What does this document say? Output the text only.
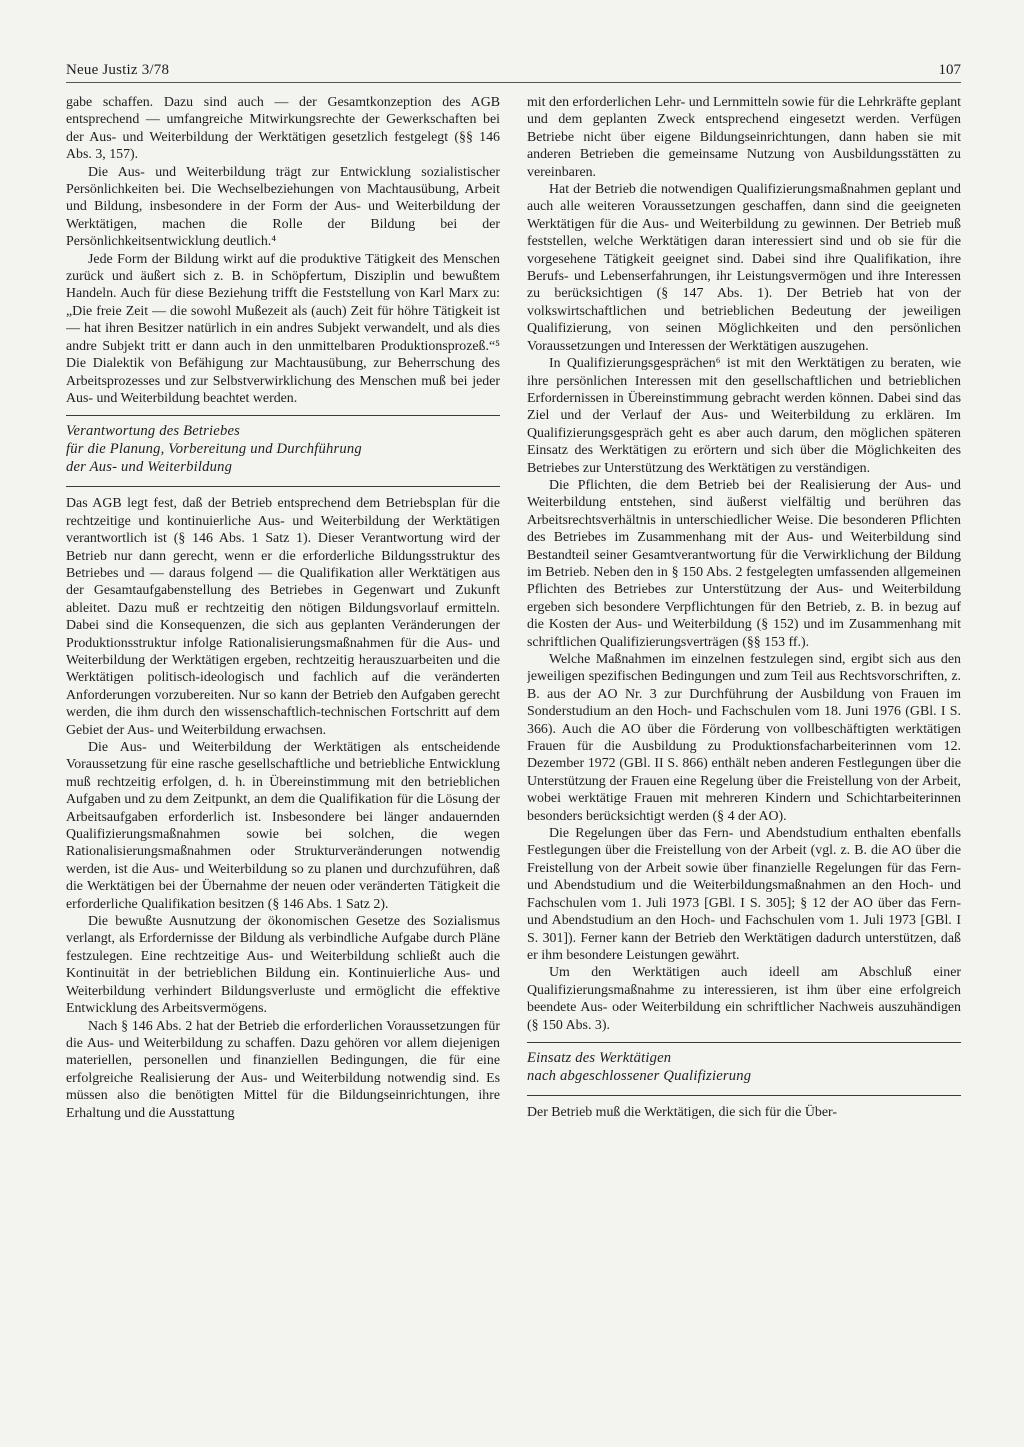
Neue Justiz 3/78	107

gabe schaffen. Dazu sind auch — der Gesamtkonzeption des AGB entsprechend — umfangreiche Mitwirkungsrechte der Gewerkschaften bei der Aus- und Weiterbildung der Werktätigen gesetzlich festgelegt (§§ 146 Abs. 3, 157).

Die Aus- und Weiterbildung trägt zur Entwicklung sozialistischer Persönlichkeiten bei. Die Wechselbeziehungen von Machtausübung, Arbeit und Bildung, insbesondere in der Form der Aus- und Weiterbildung der Werktätigen, machen die Rolle der Bildung bei der Persönlichkeitsentwicklung deutlich.⁴

Jede Form der Bildung wirkt auf die produktive Tätigkeit des Menschen zurück und äußert sich z. B. in Schöpfertum, Disziplin und bewußtem Handeln. Auch für diese Beziehung trifft die Feststellung von Karl Marx zu: „Die freie Zeit — die sowohl Mußezeit als (auch) Zeit für höhre Tätigkeit ist — hat ihren Besitzer natürlich in ein andres Subjekt verwandelt, und als dies andre Subjekt tritt er dann auch in den unmittelbaren Produktionsprozeß.“⁵ Die Dialektik von Befähigung zur Machtausübung, zur Beherrschung des Arbeitsprozesses und zur Selbstverwirklichung des Menschen muß bei jeder Aus- und Weiterbildung beachtet werden.

Verantwortung des Betriebes
für die Planung, Vorbereitung und Durchführung
der Aus- und Weiterbildung

Das AGB legt fest, daß der Betrieb entsprechend dem Betriebsplan für die rechtzeitige und kontinuierliche Aus- und Weiterbildung der Werktätigen verantwortlich ist (§ 146 Abs. 1 Satz 1). Dieser Verantwortung wird der Betrieb nur dann gerecht, wenn er die erforderliche Bildungsstruktur des Betriebes und — daraus folgend — die Qualifikation aller Werktätigen aus der Gesamtaufgabenstellung des Betriebes in Gegenwart und Zukunft ableitet. Dazu muß er rechtzeitig den nötigen Bildungsvorlauf ermitteln. Dabei sind die Konsequenzen, die sich aus geplanten Veränderungen der Produktionsstruktur infolge Rationalisierungsmaßnahmen für die Aus- und Weiterbildung der Werktätigen ergeben, rechtzeitig herauszuarbeiten und die Werktätigen politisch-ideologisch und fachlich auf die veränderten Anforderungen vorzubereiten. Nur so kann der Betrieb den Aufgaben gerecht werden, die ihm durch den wissenschaftlich-technischen Fortschritt auf dem Gebiet der Aus- und Weiterbildung erwachsen.

Die Aus- und Weiterbildung der Werktätigen als entscheidende Voraussetzung für eine rasche gesellschaftliche und betriebliche Entwicklung muß rechtzeitig erfolgen, d. h. in Übereinstimmung mit den betrieblichen Aufgaben und zu dem Zeitpunkt, an dem die Qualifikation für die Lösung der Arbeitsaufgaben erforderlich ist. Insbesondere bei länger andauernden Qualifizierungsmaßnahmen sowie bei solchen, die wegen Rationalisierungsmaßnahmen oder Strukturveränderungen notwendig werden, ist die Aus- und Weiterbildung so zu planen und durchzuführen, daß die Werktätigen bei der Übernahme der neuen oder veränderten Tätigkeit die erforderliche Qualifikation besitzen (§ 146 Abs. 1 Satz 2).

Die bewußte Ausnutzung der ökonomischen Gesetze des Sozialismus verlangt, als Erfordernisse der Bildung als verbindliche Aufgabe durch Pläne festzulegen. Eine rechtzeitige Aus- und Weiterbildung schließt auch die Kontinuität in der betrieblichen Bildung ein. Kontinuierliche Aus- und Weiterbildung verhindert Bildungsverluste und ermöglicht die effektive Entwicklung des Arbeitsvermögens.

Nach § 146 Abs. 2 hat der Betrieb die erforderlichen Voraussetzungen für die Aus- und Weiterbildung zu schaffen. Dazu gehören vor allem diejenigen materiellen, personellen und finanziellen Bedingungen, die für eine erfolgreiche Realisierung der Aus- und Weiterbildung notwendig sind. Es müssen also die benötigten Mittel für die Bildungseinrichtungen, ihre Erhaltung und die Ausstattung

mit den erforderlichen Lehr- und Lernmitteln sowie für die Lehrkräfte geplant und dem geplanten Zweck entsprechend eingesetzt werden. Verfügen Betriebe nicht über eigene Bildungseinrichtungen, dann haben sie mit anderen Betrieben die gemeinsame Nutzung von Ausbildungsstätten zu vereinbaren.

Hat der Betrieb die notwendigen Qualifizierungsmaßnahmen geplant und auch alle weiteren Voraussetzungen geschaffen, dann sind die geeigneten Werktätigen für die Aus- und Weiterbildung zu gewinnen. Der Betrieb muß feststellen, welche Werktätigen daran interessiert sind und ob sie für die vorgesehene Tätigkeit geeignet sind. Dabei sind ihre Qualifikation, ihre Berufs- und Lebenserfahrungen, ihr Leistungsvermögen und ihre Interessen zu berücksichtigen (§ 147 Abs. 1). Der Betrieb hat von der volkswirtschaftlichen und betrieblichen Bedeutung der jeweiligen Qualifizierung, von seinen Möglichkeiten und den persönlichen Voraussetzungen und Interessen der Werktätigen auszugehen.

In Qualifizierungsgesprächen⁶ ist mit den Werktätigen zu beraten, wie ihre persönlichen Interessen mit den gesellschaftlichen und betrieblichen Erfordernissen in Übereinstimmung gebracht werden können. Dabei sind das Ziel und der Verlauf der Aus- und Weiterbildung zu erklären. Im Qualifizierungsgespräch geht es aber auch darum, den möglichen späteren Einsatz des Werktätigen zu erörtern und sich über die Möglichkeiten des Betriebes zur Unterstützung des Werktätigen zu verständigen.

Die Pflichten, die dem Betrieb bei der Realisierung der Aus- und Weiterbildung entstehen, sind äußerst vielfältig und berühren das Arbeitsrechtsverhältnis in unterschiedlicher Weise. Die besonderen Pflichten des Betriebes im Zusammenhang mit der Aus- und Weiterbildung sind Bestandteil seiner Gesamtverantwortung für die Verwirklichung der Bildung im Betrieb. Neben den in § 150 Abs. 2 festgelegten umfassenden allgemeinen Pflichten des Betriebes zur Unterstützung der Aus- und Weiterbildung ergeben sich besondere Verpflichtungen für den Betrieb, z. B. in bezug auf die Kosten der Aus- und Weiterbildung (§ 152) und im Zusammenhang mit schriftlichen Qualifizierungsverträgen (§§ 153 ff.).

Welche Maßnahmen im einzelnen festzulegen sind, ergibt sich aus den jeweiligen spezifischen Bedingungen und zum Teil aus Rechtsvorschriften, z. B. aus der AO Nr. 3 zur Durchführung der Ausbildung von Frauen im Sonderstudium an den Hoch- und Fachschulen vom 18. Juni 1976 (GBl. I S. 366). Auch die AO über die Förderung von vollbeschäftigten werktätigen Frauen für die Ausbildung zu Produktionsfacharbeiterinnen vom 12. Dezember 1972 (GBl. II S. 866) enthält neben anderen Festlegungen über die Unterstützung der Frauen eine Regelung über die Freistellung von der Arbeit, wobei werktätige Frauen mit mehreren Kindern und Schichtarbeiterinnen besonders berücksichtigt werden (§ 4 der AO).

Die Regelungen über das Fern- und Abendstudium enthalten ebenfalls Festlegungen über die Freistellung von der Arbeit (vgl. z. B. die AO über die Freistellung von der Arbeit sowie über finanzielle Regelungen für das Fern- und Abendstudium und die Weiterbildungsmaßnahmen an den Hoch- und Fachschulen vom 1. Juli 1973 [GBl. I S. 305]; § 12 der AO über das Fern- und Abendstudium an den Hoch- und Fachschulen vom 1. Juli 1973 [GBl. I S. 301]). Ferner kann der Betrieb den Werktätigen dadurch unterstützen, daß er ihm besondere Leistungen gewährt.

Um den Werktätigen auch ideell am Abschluß einer Qualifizierungsmaßnahme zu interessieren, ist ihm über eine erfolgreich beendete Aus- oder Weiterbildung ein schriftlicher Nachweis auszuhändigen (§ 150 Abs. 3).

Einsatz des Werktätigen
nach abgeschlossener Qualifizierung

Der Betrieb muß die Werktätigen, die sich für die Über-
